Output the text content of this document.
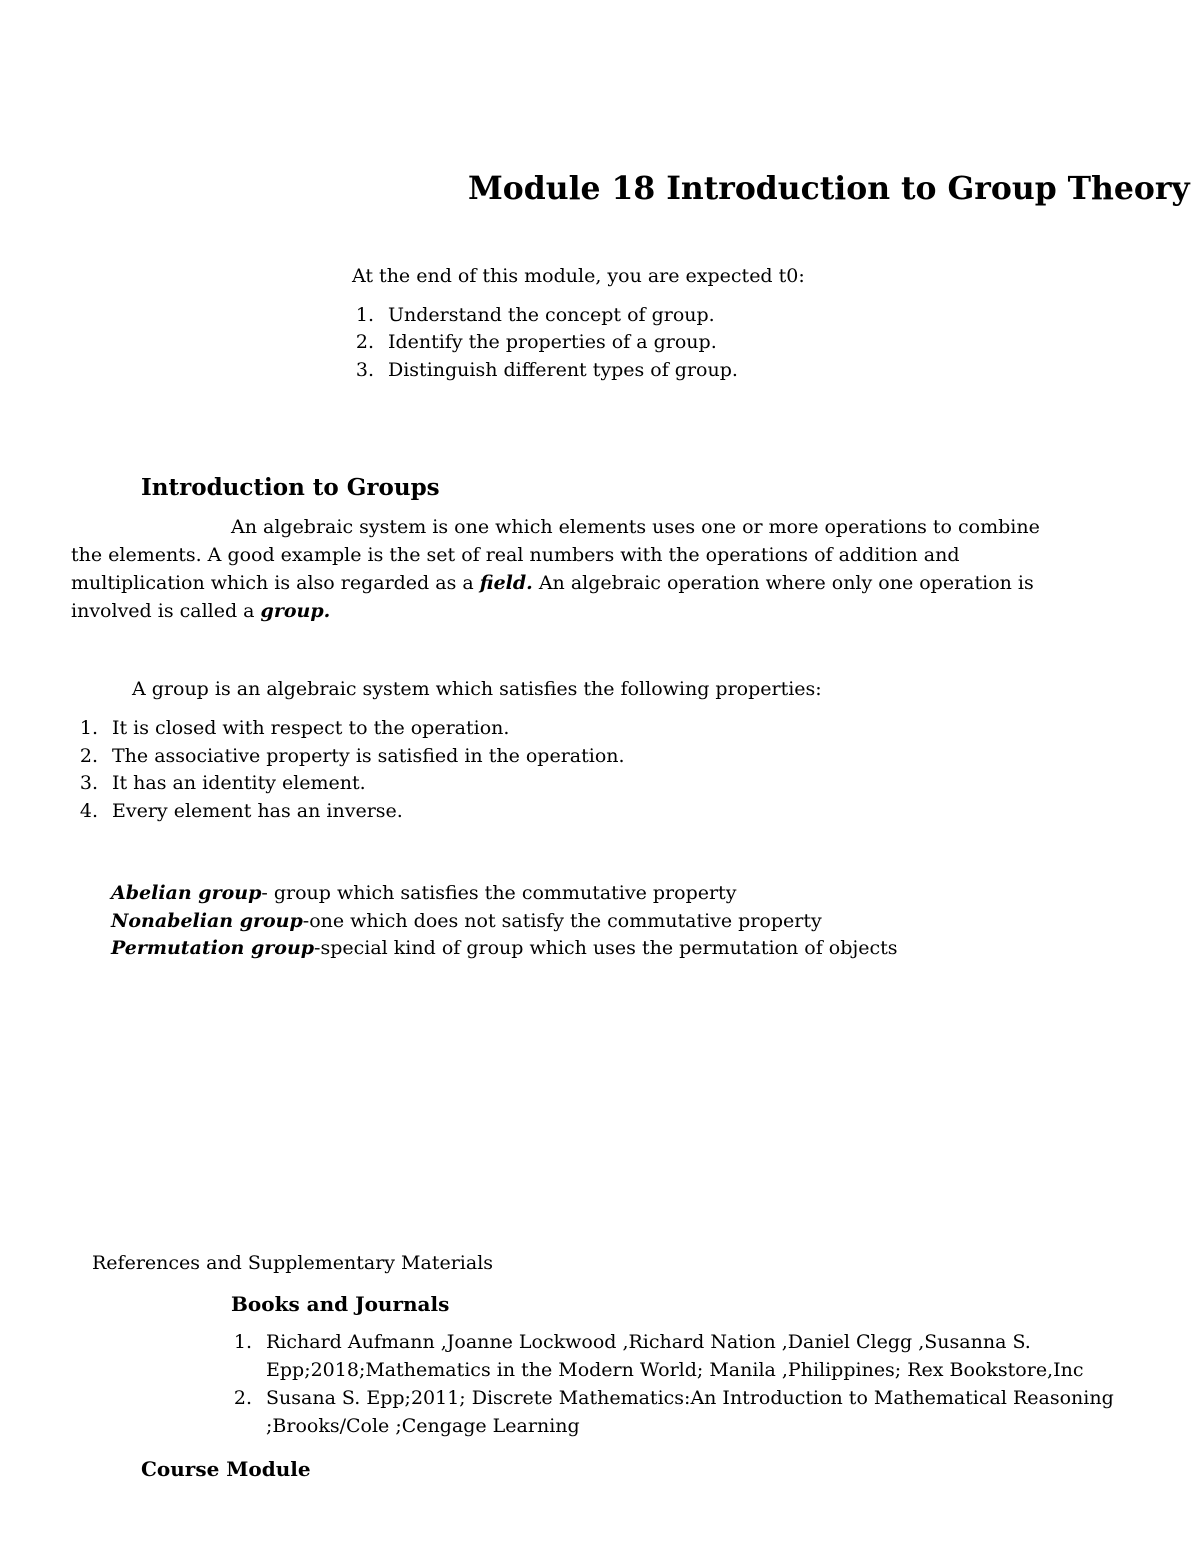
Module 18 Introduction to Group Theory
At the end of this module, you are expected t0:
1. Understand the concept of group.
2. Identify the properties of a group.
3. Distinguish different types of group.
Introduction to Groups
An algebraic system is one which elements uses one or more operations to combine
the elements. A good example is the set of real numbers with the operations of addition and
multiplication which is also regarded as a field. An algebraic operation where only one operation is
involved is called a group.
A group is an algebraic system which satisfies the following properties:
1. It is closed with respect to the operation.
2. The associative property is satisfied in the operation.
3. It has an identity element.
4. Every element has an inverse.
Abelian group- group which satisfies the commutative property
Nonabelian group-one which does not satisfy the commutative property
Permutation group-special kind of group which uses the permutation of objects
References and Supplementary Materials
Books and Journals
1. Richard Aufmann ,Joanne Lockwood ,Richard Nation ,Daniel Clegg ,Susanna S.
Epp;2018;Mathematics in the Modern World; Manila ,Philippines; Rex Bookstore,Inc
2. Susana S. Epp;2011; Discrete Mathematics:An Introduction to Mathematical Reasoning
;Brooks/Cole ;Cengage Learning
Course Module
